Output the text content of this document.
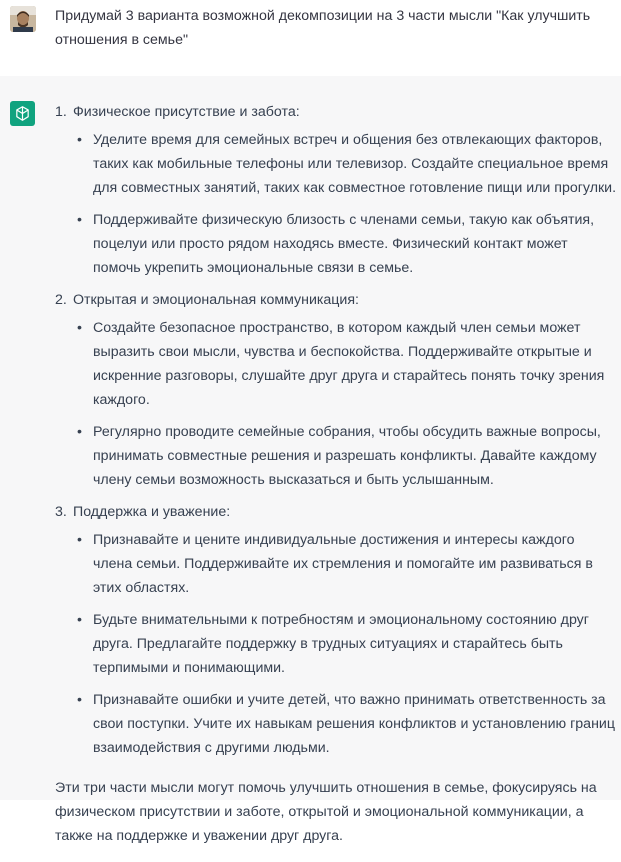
Придумай 3 варианта возможной декомпозиции на 3 части мысли "Как улучшить отношения в семье"
1. Физическое присутствие и забота:
• Уделите время для семейных встреч и общения без отвлекающих факторов, таких как мобильные телефоны или телевизор. Создайте специальное время для совместных занятий, таких как совместное готовление пищи или прогулки.
• Поддерживайте физическую близость с членами семьи, такую как объятия, поцелуи или просто рядом находясь вместе. Физический контакт может помочь укрепить эмоциональные связи в семье.
2. Открытая и эмоциональная коммуникация:
• Создайте безопасное пространство, в котором каждый член семьи может выразить свои мысли, чувства и беспокойства. Поддерживайте открытые и искренние разговоры, слушайте друг друга и старайтесь понять точку зрения каждого.
• Регулярно проводите семейные собрания, чтобы обсудить важные вопросы, принимать совместные решения и разрешать конфликты. Давайте каждому члену семьи возможность высказаться и быть услышанным.
3. Поддержка и уважение:
• Признавайте и цените индивидуальные достижения и интересы каждого члена семьи. Поддерживайте их стремления и помогайте им развиваться в этих областях.
• Будьте внимательными к потребностям и эмоциональному состоянию друг друга. Предлагайте поддержку в трудных ситуациях и старайтесь быть терпимыми и понимающими.
• Признавайте ошибки и учите детей, что важно принимать ответственность за свои поступки. Учите их навыкам решения конфликтов и установлению границ взаимодействия с другими людьми.

Эти три части мысли могут помочь улучшить отношения в семье, фокусируясь на физическом присутствии и заботе, открытой и эмоциональной коммуникации, а также на поддержке и уважении друг друга.
